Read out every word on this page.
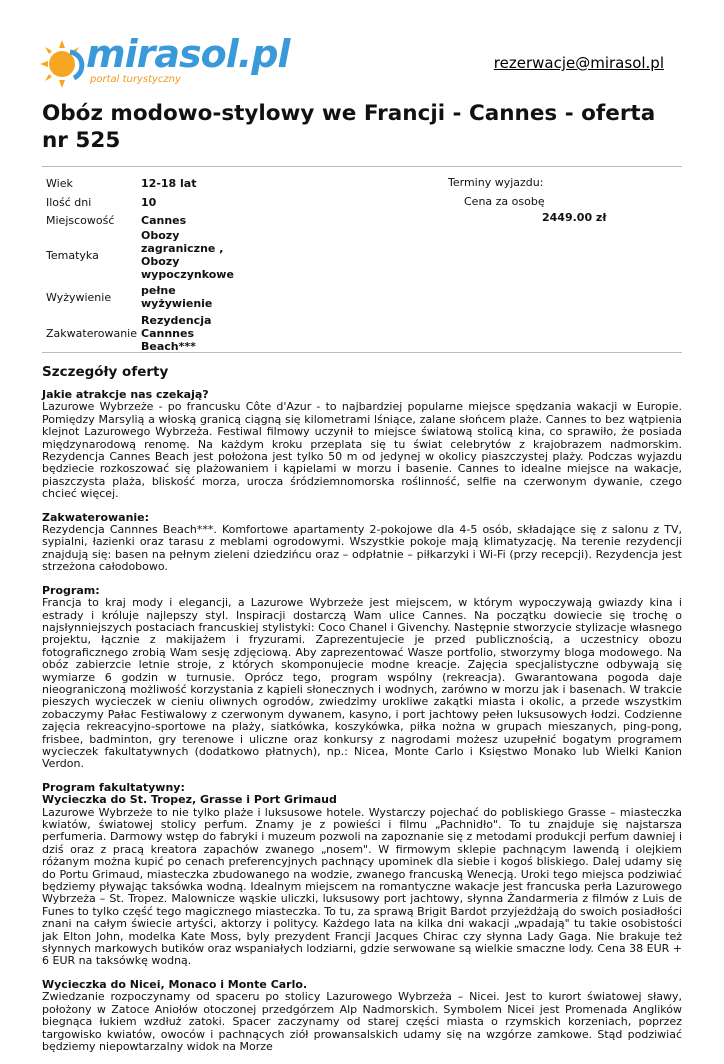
mirasol.pl
portal turystyczny
rezerwacje@mirasol.pl
Obóz modowo-stylowy we Francji - Cannes - oferta nr 525
Wiek	12-18 lat
Ilość dni	10
Miejscowość	Cannes
Tematyka	Obozy zagraniczne , Obozy wypoczynkowe
Wyżywienie	pełne wyżywienie
Zakwaterowanie	Rezydencja Cannnes Beach***
Terminy wyjazdu:
Cena za osobę
2449.00 zł
Szczegóły oferty

Jakie atrakcje nas czekają?
Lazurowe Wybrzeże - po francusku Côte d'Azur - to najbardziej popularne miejsce spędzania wakacji w Europie. Pomiędzy Marsylią a włoską granicą ciągną się kilometrami lśniące, zalane słońcem plaże. Cannes to bez wątpienia klejnot Lazurowego Wybrzeża. Festiwal filmowy uczynił to miejsce światową stolicą kina, co sprawiło, że posiada międzynarodową renomę. Na każdym kroku przeplata się tu świat celebrytów z krajobrazem nadmorskim. Rezydencja Cannes Beach jest położona jest tylko 50 m od jedynej w okolicy piaszczystej plaży. Podczas wyjazdu będziecie rozkoszować się plażowaniem i kąpielami w morzu i basenie. Cannes to idealne miejsce na wakacje, piaszczysta plaża, bliskość morza, urocza śródziemnomorska roślinność, selfie na czerwonym dywanie, czego chcieć więcej.

Zakwaterowanie:
Rezydencja Cannnes Beach***. Komfortowe apartamenty 2-pokojowe dla 4-5 osób, składające się z salonu z TV, sypialni, łazienki oraz tarasu z meblami ogrodowymi. Wszystkie pokoje mają klimatyzację. Na terenie rezydencji znajdują się: basen na pełnym zieleni dziedzińcu oraz – odpłatnie – piłkarzyki i Wi-Fi (przy recepcji). Rezydencja jest strzeżona całodobowo.

Program:
Francja to kraj mody i elegancji, a Lazurowe Wybrzeże jest miejscem, w którym wypoczywają gwiazdy kina i estrady i króluje najlepszy styl. Inspiracji dostarczą Wam ulice Cannes. Na początku dowiecie się trochę o najsłynniejszych postaciach francuskiej stylistyki: Coco Chanel i Givenchy. Następnie stworzycie stylizacje własnego projektu, łącznie z makijażem i fryzurami. Zaprezentujecie je przed publicznością, a uczestnicy obozu fotograficznego zrobią Wam sesję zdjęciową. Aby zaprezentować Wasze portfolio, stworzymy bloga modowego. Na obóz zabierzcie letnie stroje, z których skomponujecie modne kreacje. Zajęcia specjalistyczne odbywają się wymiarze 6 godzin w turnusie. Oprócz tego, program wspólny (rekreacja). Gwarantowana pogoda daje nieograniczoną możliwość korzystania z kąpieli słonecznych i wodnych, zarówno w morzu jak i basenach. W trakcie pieszych wycieczek w cieniu oliwnych ogrodów, zwiedzimy urokliwe zakątki miasta i okolic, a przede wszystkim zobaczymy Pałac Festiwalowy z czerwonym dywanem, kasyno, i port jachtowy pełen luksusowych łodzi. Codzienne zajęcia rekreacyjno-sportowe na plaży, siatkówka, koszykówka, piłka nożna w grupach mieszanych, ping-pong, frisbee, badminton, gry terenowe i uliczne oraz konkursy z nagrodami możesz uzupełnić bogatym programem wycieczek fakultatywnych (dodatkowo płatnych), np.: Nicea, Monte Carlo i Księstwo Monako lub Wielki Kanion Verdon.

Program fakultatywny:
Wycieczka do St. Tropez, Grasse i Port Grimaud
Lazurowe Wybrzeże to nie tylko plaże i luksusowe hotele. Wystarczy pojechać do pobliskiego Grasse – miasteczka kwiatów, światowej stolicy perfum. Znamy je z powieści i filmu „Pachnidło". To tu znajduje się najstarsza perfumeria. Darmowy wstęp do fabryki i muzeum pozwoli na zapoznanie się z metodami produkcji perfum dawniej i dziś oraz z pracą kreatora zapachów zwanego „nosem". W firmowym sklepie pachnącym lawendą i olejkiem różanym można kupić po cenach preferencyjnych pachnący upominek dla siebie i kogoś bliskiego. Dalej udamy się do Portu Grimaud, miasteczka zbudowanego na wodzie, zwanego francuską Wenecją. Uroki tego miejsca podziwiać będziemy pływając taksówka wodną. Idealnym miejscem na romantyczne wakacje jest francuska perła Lazurowego Wybrzeża – St. Tropez. Malownicze wąskie uliczki, luksusowy port jachtowy, słynna Żandarmeria z filmów z Luis de Funes to tylko część tego magicznego miasteczka. To tu, za sprawą Brigit Bardot przyjeżdżają do swoich posiadłości znani na całym świecie artyści, aktorzy i politycy. Każdego lata na kilka dni wakacji „wpadają" tu takie osobistości jak Elton John, modelka Kate Moss, byly prezydent Francji Jacques Chirac czy słynna Lady Gaga. Nie brakuje też słynnych markowych butików oraz wspaniałych lodziarni, gdzie serwowane są wielkie smaczne lody. Cena 38 EUR + 6 EUR na taksówkę wodną.

Wycieczka do Nicei, Monaco i Monte Carlo.
Zwiedzanie rozpoczynamy od spaceru po stolicy Lazurowego Wybrzeża – Nicei. Jest to kurort światowej sławy, położony w Zatoce Aniołów otoczonej przedgórzem Alp Nadmorskich. Symbolem Nicei jest Promenada Anglików biegnąca łukiem wzdłuż zatoki. Spacer zaczynamy od starej części miasta o rzymskich korzeniach, poprzez targowisko kwiatów, owoców i pachnących ziół prowansalskich udamy się na wzgórze zamkowe. Stąd podziwiać będziemy niepowtarzalny widok na Morze
